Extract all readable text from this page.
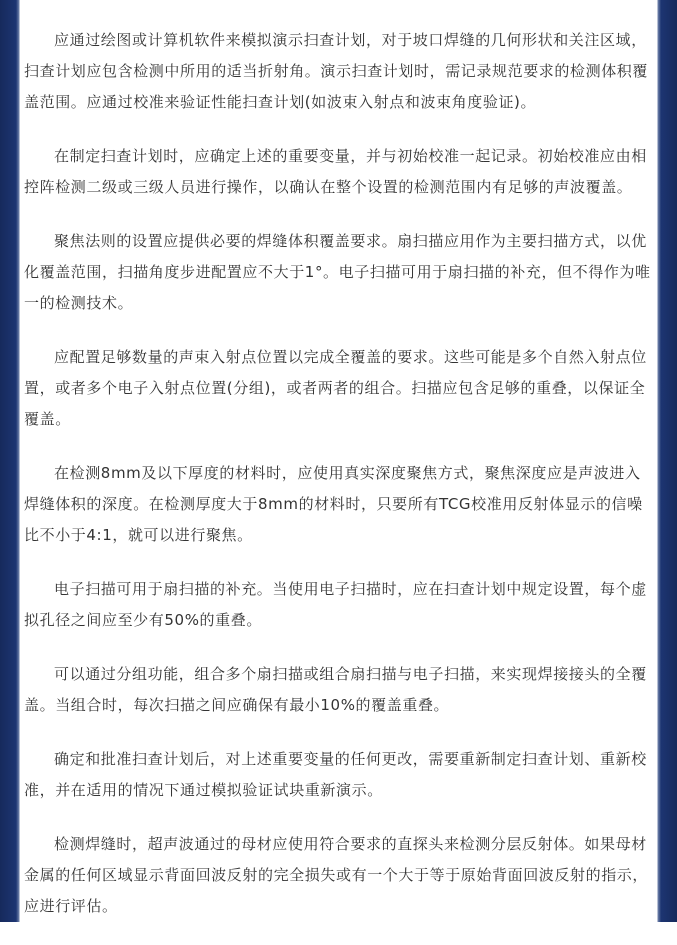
应通过绘图或计算机软件来模拟演示扫查计划，对于坡口焊缝的几何形状和关注区域，扫查计划应包含检测中所用的适当折射角。演示扫查计划时，需记录规范要求的检测体积覆盖范围。应通过校准来验证性能扫查计划(如波束入射点和波束角度验证)。

在制定扫查计划时，应确定上述的重要变量，并与初始校准一起记录。初始校准应由相控阵检测二级或三级人员进行操作，以确认在整个设置的检测范围内有足够的声波覆盖。

聚焦法则的设置应提供必要的焊缝体积覆盖要求。扇扫描应用作为主要扫描方式，以优化覆盖范围，扫描角度步进配置应不大于1°。电子扫描可用于扇扫描的补充，但不得作为唯一的检测技术。

应配置足够数量的声束入射点位置以完成全覆盖的要求。这些可能是多个自然入射点位置，或者多个电子入射点位置(分组)，或者两者的组合。扫描应包含足够的重叠，以保证全覆盖。

在检测8mm及以下厚度的材料时，应使用真实深度聚焦方式，聚焦深度应是声波进入焊缝体积的深度。在检测厚度大于8mm的材料时，只要所有TCG校准用反射体显示的信噪比不小于4:1，就可以进行聚焦。

电子扫描可用于扇扫描的补充。当使用电子扫描时，应在扫查计划中规定设置，每个虚拟孔径之间应至少有50%的重叠。

可以通过分组功能，组合多个扇扫描或组合扇扫描与电子扫描，来实现焊接接头的全覆盖。当组合时，每次扫描之间应确保有最小10%的覆盖重叠。

确定和批准扫查计划后，对上述重要变量的任何更改，需要重新制定扫查计划、重新校准，并在适用的情况下通过模拟验证试块重新演示。

检测焊缝时，超声波通过的母材应使用符合要求的直探头来检测分层反射体。如果母材金属的任何区域显示背面回波反射的完全损失或有一个大于等于原始背面回波反射的指示，应进行评估。
